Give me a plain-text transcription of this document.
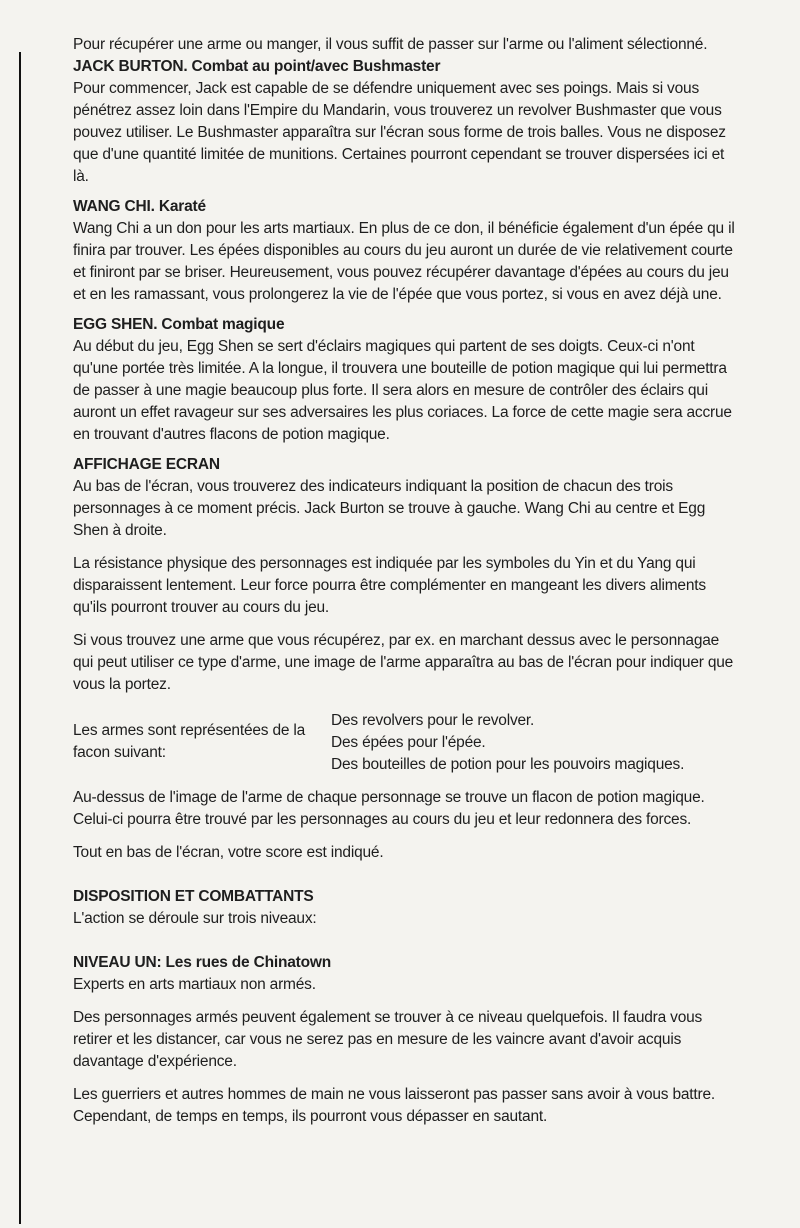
Pour récupérer une arme ou manger, il vous suffit de passer sur l'arme ou l'aliment sélectionné.

JACK BURTON. Combat au point/avec Bushmaster

Pour commencer, Jack est capable de se défendre uniquement avec ses poings. Mais si vous pénétrez assez loin dans l'Empire du Mandarin, vous trouverez un revolver Bushmaster que vous pouvez utiliser. Le Bushmaster apparaîtra sur l'écran sous forme de trois balles. Vous ne disposez que d'une quantité limitée de munitions. Certaines pourront cependant se trouver dispersées ici et là.

WANG CHI. Karaté

Wang Chi a un don pour les arts martiaux. En plus de ce don, il bénéficie également d'un épée qu il finira par trouver. Les épées disponibles au cours du jeu auront un durée de vie relativement courte et finiront par se briser. Heureusement, vous pouvez récupérer davantage d'épées au cours du jeu et en les ramassant, vous prolongerez la vie de l'épée que vous portez, si vous en avez déjà une.

EGG SHEN. Combat magique

Au début du jeu, Egg Shen se sert d'éclairs magiques qui partent de ses doigts. Ceux-ci n'ont qu'une portée très limitée. A la longue, il trouvera une bouteille de potion magique qui lui permettra de passer à une magie beaucoup plus forte. Il sera alors en mesure de contrôler des éclairs qui auront un effet ravageur sur ses adversaires les plus coriaces. La force de cette magie sera accrue en trouvant d'autres flacons de potion magique.

AFFICHAGE ECRAN

Au bas de l'écran, vous trouverez des indicateurs indiquant la position de chacun des trois personnages à ce moment précis. Jack Burton se trouve à gauche. Wang Chi au centre et Egg Shen à droite.

La résistance physique des personnages est indiquée par les symboles du Yin et du Yang qui disparaissent lentement. Leur force pourra être complémenter en mangeant les divers aliments qu'ils pourront trouver au cours du jeu.

Si vous trouvez une arme que vous récupérez, par ex. en marchant dessus avec le personnagae qui peut utiliser ce type d'arme, une image de l'arme apparaîtra au bas de l'écran pour indiquer que vous la portez.

Les armes sont représentées de la facon suivant:
Des revolvers pour le revolver.
Des épées pour l'épée.
Des bouteilles de potion pour les pouvoirs magiques.

Au-dessus de l'image de l'arme de chaque personnage se trouve un flacon de potion magique. Celui-ci pourra être trouvé par les personnages au cours du jeu et leur redonnera des forces.

Tout en bas de l'écran, votre score est indiqué.

DISPOSITION ET COMBATTANTS

L'action se déroule sur trois niveaux:

NIVEAU UN: Les rues de Chinatown

Experts en arts martiaux non armés.

Des personnages armés peuvent également se trouver à ce niveau quelquefois. Il faudra vous retirer et les distancer, car vous ne serez pas en mesure de les vaincre avant d'avoir acquis davantage d'expérience.

Les guerriers et autres hommes de main ne vous laisseront pas passer sans avoir à vous battre. Cependant, de temps en temps, ils pourront vous dépasser en sautant.
